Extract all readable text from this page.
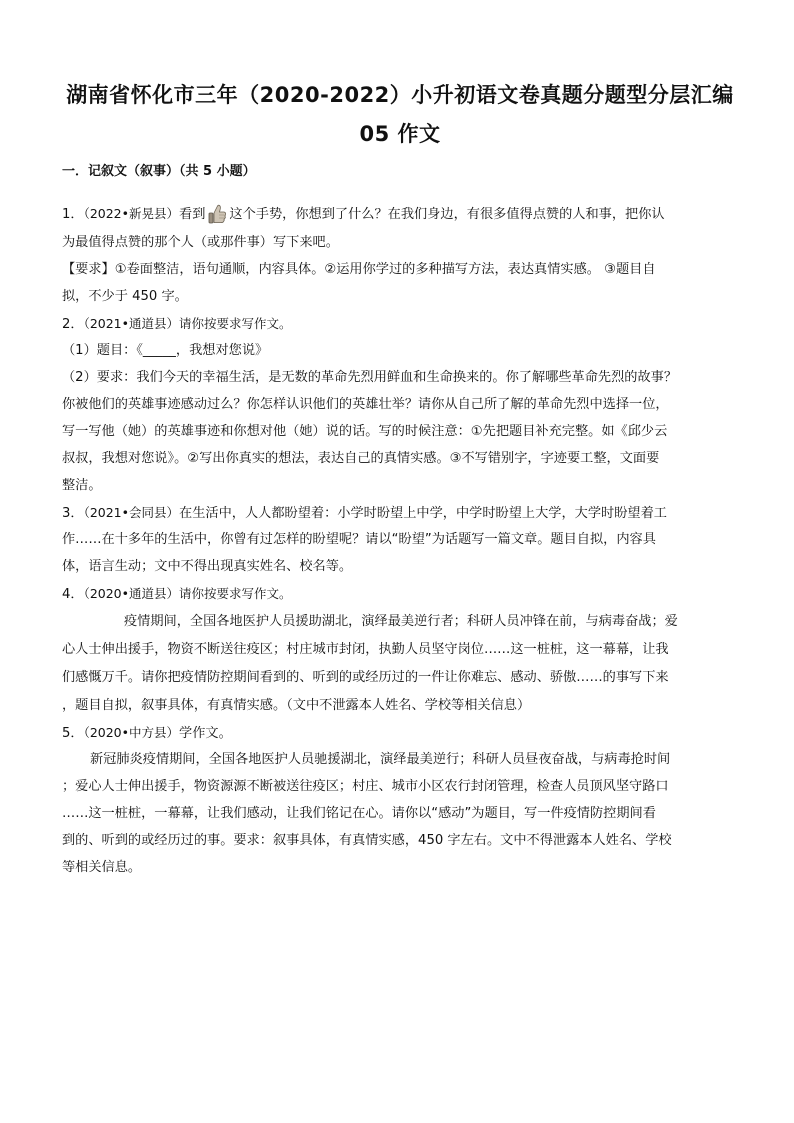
湖南省怀化市三年（2020-2022）小升初语文卷真题分题型分层汇编
05 作文
一．记叙文（叙事）（共 5 小题）
1．（2022•新晃县）看到 这个手势，你想到了什么？在我们身边，有很多值得点赞的人和事，把你认
为最值得点赞的那个人（或那件事）写下来吧。
【要求】①卷面整洁，语句通顺，内容具体。②运用你学过的多种描写方法，表达真情实感。 ③题目自
拟，不少于 450 字。
2．（2021•通道县）请你按要求写作文。
（1）题目：《_____，我想对您说》
（2）要求：我们今天的幸福生活，是无数的革命先烈用鲜血和生命换来的。你了解哪些革命先烈的故事？
你被他们的英雄事迹感动过么？你怎样认识他们的英雄壮举？请你从自己所了解的革命先烈中选择一位，
写一写他（她）的英雄事迹和你想对他（她）说的话。写的时候注意：①先把题目补充完整。如《邱少云
叔叔，我想对您说》。②写出你真实的想法，表达自己的真情实感。③不写错别字，字迹要工整，文面要
整洁。
3．（2021•会同县）在生活中，人人都盼望着：小学时盼望上中学，中学时盼望上大学，大学时盼望着工
作……在十多年的生活中，你曾有过怎样的盼望呢？请以“盼望”为话题写一篇文章。题目自拟，内容具
体，语言生动；文中不得出现真实姓名、校名等。
4．（2020•通道县）请你按要求写作文。
疫情期间，全国各地医护人员援助湖北，演绎最美逆行者；科研人员冲锋在前，与病毒奋战；爱
心人士伸出援手，物资不断送往疫区；村庄城市封闭，执勤人员坚守岗位……这一桩桩，这一幕幕，让我
们感慨万千。请你把疫情防控期间看到的、听到的或经历过的一件让你难忘、感动、骄傲……的事写下来
，题目自拟，叙事具体，有真情实感。（文中不泄露本人姓名、学校等相关信息）
5．（2020•中方县）学作文。
新冠肺炎疫情期间，全国各地医护人员驰援湖北，演绎最美逆行；科研人员昼夜奋战，与病毒抢时间
；爱心人士伸出援手，物资源源不断被送往疫区；村庄、城市小区农行封闭管理，检查人员顶风坚守路口
……这一桩桩，一幕幕，让我们感动，让我们铭记在心。请你以“感动”为题目，写一件疫情防控期间看
到的、听到的或经历过的事。要求：叙事具体，有真情实感，450 字左右。文中不得泄露本人姓名、学校
等相关信息。
